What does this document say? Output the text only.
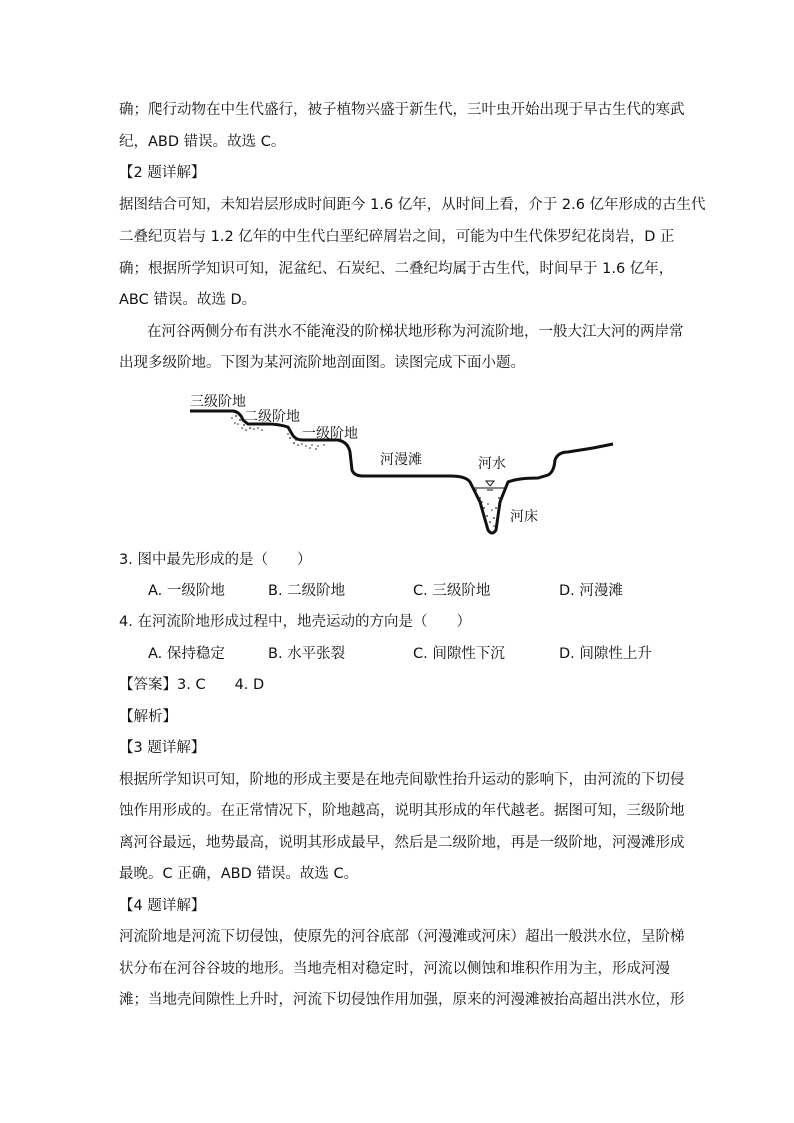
确；爬行动物在中生代盛行，被子植物兴盛于新生代，三叶虫开始出现于早古生代的寒武
纪，ABD 错误。故选 C。
【2 题详解】
据图结合可知，未知岩层形成时间距今 1.6 亿年，从时间上看，介于 2.6 亿年形成的古生代
二叠纪页岩与 1.2 亿年的中生代白垩纪碎屑岩之间，可能为中生代侏罗纪花岗岩，D 正
确；根据所学知识可知，泥盆纪、石炭纪、二叠纪均属于古生代，时间早于 1.6 亿年，
ABC 错误。故选 D。
在河谷两侧分布有洪水不能淹没的阶梯状地形称为河流阶地，一般大江大河的两岸常
出现多级阶地。下图为某河流阶地剖面图。读图完成下面小题。
三级阶地
二级阶地
一级阶地
河漫滩	河水
河床
3. 图中最先形成的是（　　）
A. 一级阶地	B. 二级阶地	C. 三级阶地	D. 河漫滩
4. 在河流阶地形成过程中，地壳运动的方向是（　　）
A. 保持稳定	B. 水平张裂	C. 间隙性下沉	D. 间隙性上升
【答案】3. C　　4. D
【解析】
【3 题详解】
根据所学知识可知，阶地的形成主要是在地壳间歇性抬升运动的影响下，由河流的下切侵
蚀作用形成的。在正常情况下，阶地越高，说明其形成的年代越老。据图可知，三级阶地
离河谷最远，地势最高，说明其形成最早，然后是二级阶地，再是一级阶地，河漫滩形成
最晚。C 正确，ABD 错误。故选 C。
【4 题详解】
河流阶地是河流下切侵蚀，使原先的河谷底部（河漫滩或河床）超出一般洪水位，呈阶梯
状分布在河谷谷坡的地形。当地壳相对稳定时，河流以侧蚀和堆积作用为主，形成河漫
滩；当地壳间隙性上升时，河流下切侵蚀作用加强，原来的河漫滩被抬高超出洪水位，形
